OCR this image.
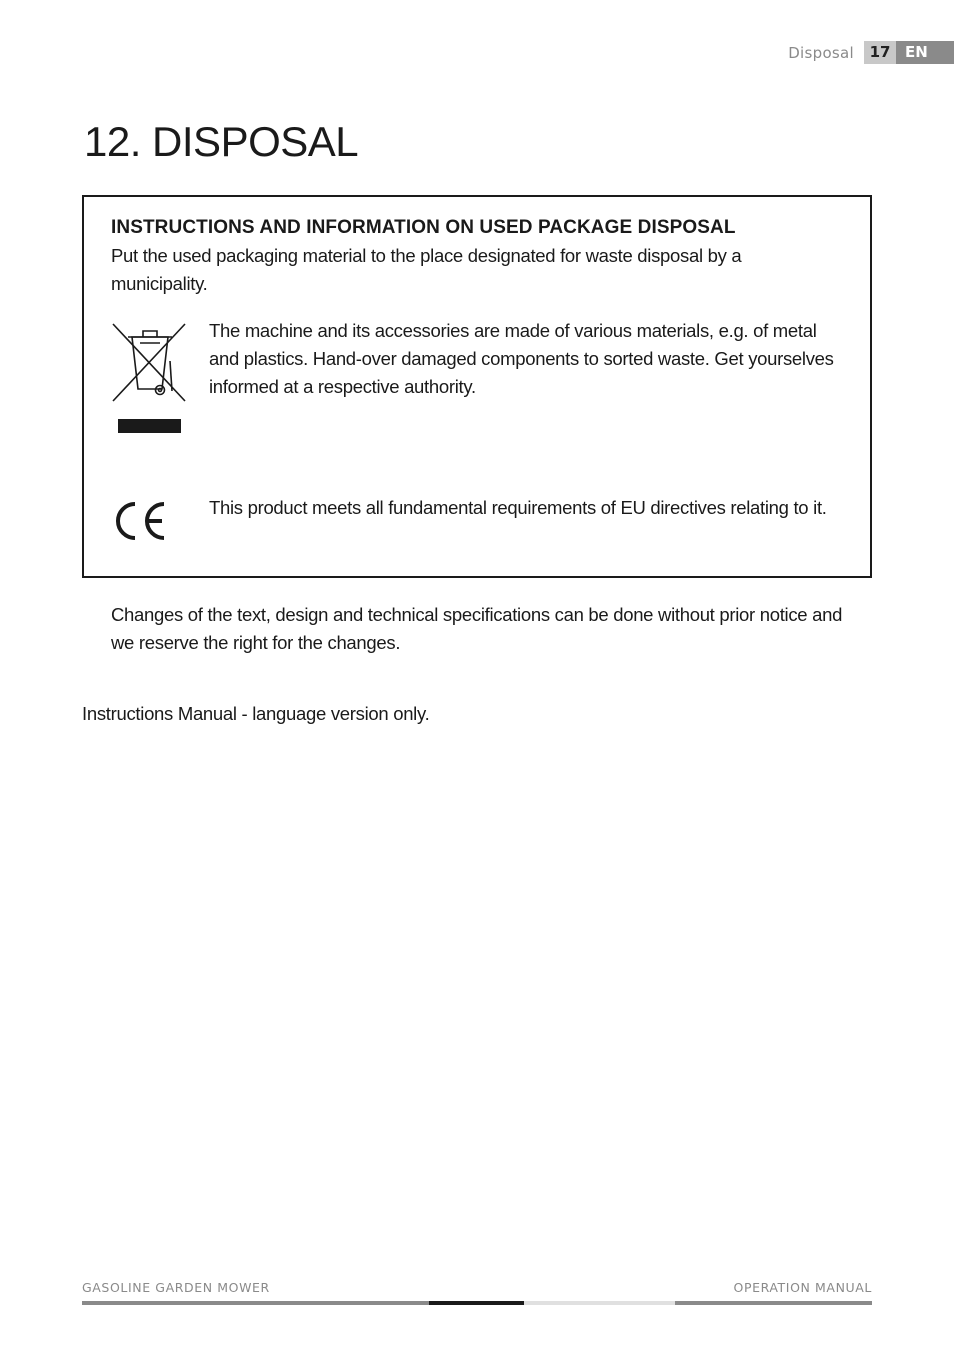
Disposal	17 EN
12. DISPOSAL
INSTRUCTIONS AND INFORMATION ON USED PACKAGE DISPOSAL

Put the used packaging material to the place designated for waste disposal by a municipality.

The machine and its accessories are made of various materials, e.g. of metal and plastics. Hand-over damaged components to sorted waste. Get yourselves informed at a respective authority.

This product meets all fundamental requirements of EU directives relating to it.

Changes of the text, design and technical specifications can be done without prior notice and we reserve the right for the changes.

Instructions Manual - language version only.

GASOLINE GARDEN MOWER	OPERATION MANUAL
